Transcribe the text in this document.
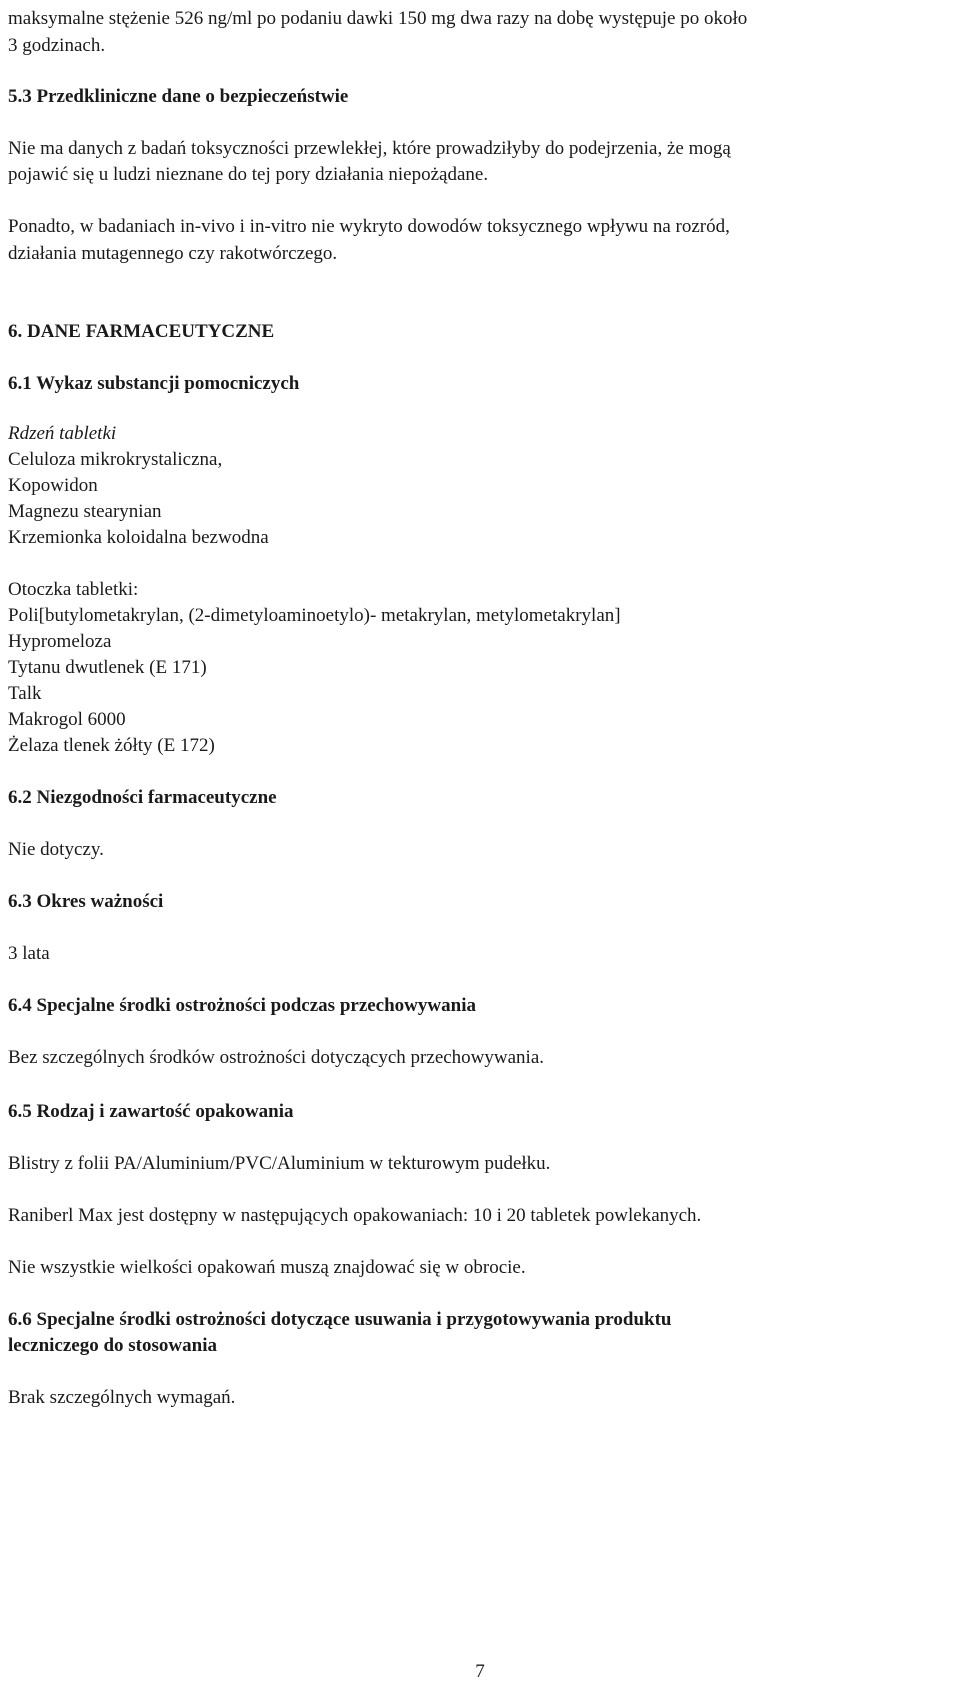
maksymalne stężenie 526 ng/ml po podaniu dawki 150 mg dwa razy na dobę występuje po około

3 godzinach.

5.3 Przedkliniczne dane o bezpieczeństwie

Nie ma danych z badań toksyczności przewlekłej, które prowadziłyby do podejrzenia, że mogą

pojawić się u ludzi nieznane do tej pory działania niepożądane.

Ponadto, w badaniach in-vivo i in-vitro nie wykryto dowodów toksycznego wpływu na rozród,

działania mutagennego czy rakotwórczego.

6. DANE FARMACEUTYCZNE

6.1 Wykaz substancji pomocniczych

Rdzeń tabletki

Celuloza mikrokrystaliczna,

Kopowidon

Magnezu stearynian

Krzemionka koloidalna bezwodna

Otoczka tabletki:

Poli[butylometakrylan, (2-dimetyloaminoetylo)- metakrylan, metylometakrylan]

Hypromeloza

Tytanu dwutlenek (E 171)

Talk

Makrogol 6000

Żelaza tlenek żółty (E 172)

6.2 Niezgodności farmaceutyczne

Nie dotyczy.

6.3 Okres ważności

3 lata

6.4 Specjalne środki ostrożności podczas przechowywania

Bez szczególnych środków ostrożności dotyczących przechowywania.

6.5 Rodzaj i zawartość opakowania

Blistry z folii PA/Aluminium/PVC/Aluminium w tekturowym pudełku.

Raniberl Max jest dostępny w następujących opakowaniach: 10 i 20 tabletek powlekanych.

Nie wszystkie wielkości opakowań muszą znajdować się w obrocie.

6.6 Specjalne środki ostrożności dotyczące usuwania i przygotowywania produktu

leczniczego do stosowania

Brak szczególnych wymagań.

7
